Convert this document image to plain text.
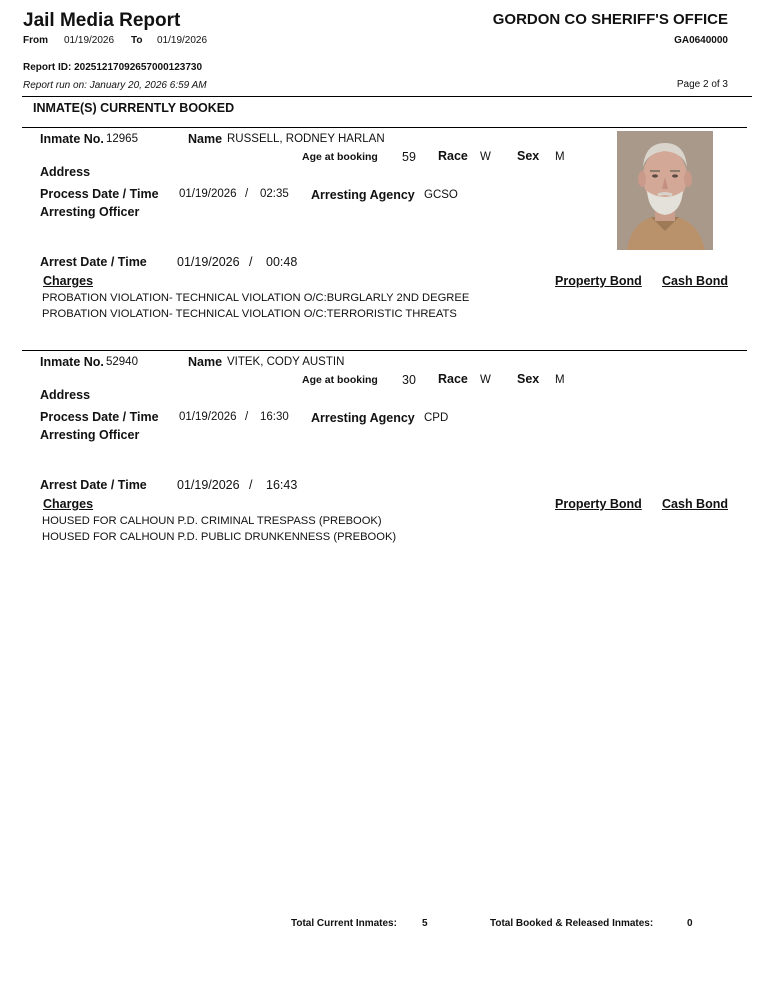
Jail Media Report	GORDON CO SHERIFF'S OFFICE
From 01/19/2026 To 01/19/2026	GA0640000
Report ID: 20251217092657000123730
Report run on: January 20, 2026 6:59 AM	Page 2 of 3
INMATE(S) CURRENTLY BOOKED
Inmate No. 12965	Name RUSSELL, RODNEY HARLAN
Age at booking 59 Race W Sex M
Address
Process Date / Time 01/19/2026 / 02:35 Arresting Agency GCSO
Arresting Officer
Arrest Date / Time 01/19/2026 / 00:48
Charges	Property Bond Cash Bond
PROBATION VIOLATION- TECHNICAL VIOLATION O/C:BURGLARLY 2ND DEGREE
PROBATION VIOLATION- TECHNICAL VIOLATION O/C:TERRORISTIC THREATS
Inmate No. 52940	Name VITEK, CODY AUSTIN
Age at booking 30 Race W Sex M
Address
Process Date / Time 01/19/2026 / 16:30 Arresting Agency CPD
Arresting Officer
Arrest Date / Time 01/19/2026 / 16:43
Charges	Property Bond Cash Bond
HOUSED FOR CALHOUN P.D. CRIMINAL TRESPASS (PREBOOK)
HOUSED FOR CALHOUN P.D. PUBLIC DRUNKENNESS (PREBOOK)
Total Current Inmates:	5	Total Booked & Released Inmates:	0
